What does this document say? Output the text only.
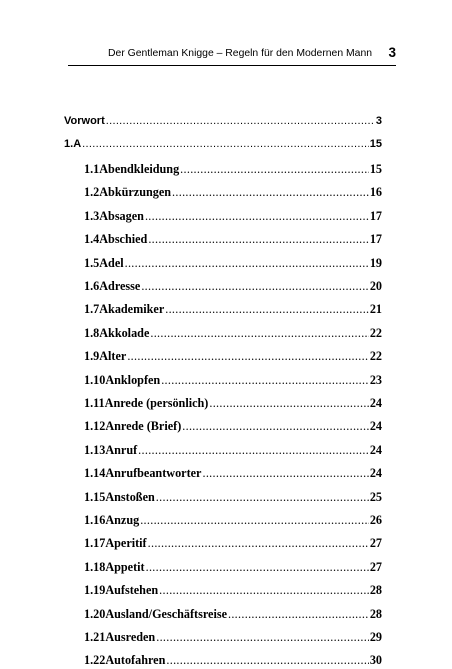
Der Gentleman Knigge – Regeln für den Modernen Mann 3
Vorwort .....	3
1. A .....	15
1.1 Abendkleidung .....	15
1.2 Abkürzungen .....	16
1.3 Absagen .....	17
1.4 Abschied .....	17
1.5 Adel .....	19
1.6 Adresse .....	20
1.7 Akademiker .....	21
1.8 Akkolade .....	22
1.9 Alter .....	22
1.10 Anklopfen .....	23
1.11 Anrede (persönlich) .....	24
1.12 Anrede (Brief) .....	24
1.13 Anruf .....	24
1.14 Anrufbeantworter .....	24
1.15 Anstoßen .....	25
1.16 Anzug .....	26
1.17 Aperitif .....	27
1.18 Appetit .....	27
1.19 Aufstehen .....	28
1.20 Ausland/Geschäftsreise .....	28
1.21 Ausreden .....	29
1.22 Autofahren .....	30
